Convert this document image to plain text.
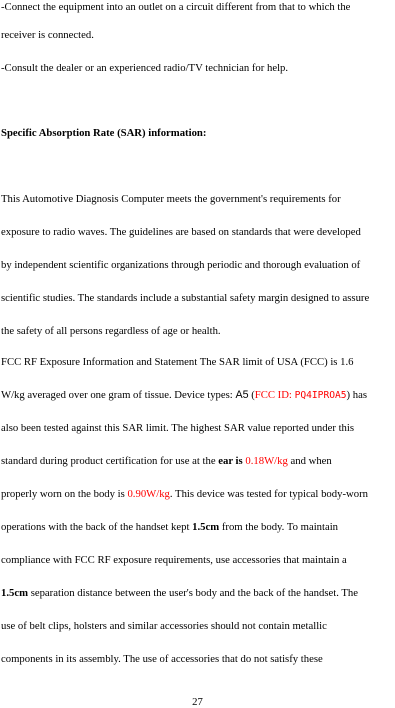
-Connect the equipment into an outlet on a circuit different from that to which the
receiver is connected.
-Consult the dealer or an experienced radio/TV technician for help.
Specific Absorption Rate (SAR) information:
This Automotive Diagnosis Computer meets the government's requirements for
exposure to radio waves. The guidelines are based on standards that were developed
by independent scientific organizations through periodic and thorough evaluation of
scientific studies. The standards include a substantial safety margin designed to assure
the safety of all persons regardless of age or health.
FCC RF Exposure Information and Statement The SAR limit of USA (FCC) is 1.6
W/kg averaged over one gram of tissue. Device types: A5 (FCC ID: PQ4IPROA5) has
also been tested against this SAR limit. The highest SAR value reported under this
standard during product certification for use at the ear is 0.18W/kg and when
properly worn on the body is 0.90W/kg. This device was tested for typical body-worn
operations with the back of the handset kept 1.5cm from the body. To maintain
compliance with FCC RF exposure requirements, use accessories that maintain a
1.5cm separation distance between the user's body and the back of the handset. The
use of belt clips, holsters and similar accessories should not contain metallic
components in its assembly. The use of accessories that do not satisfy these
27
